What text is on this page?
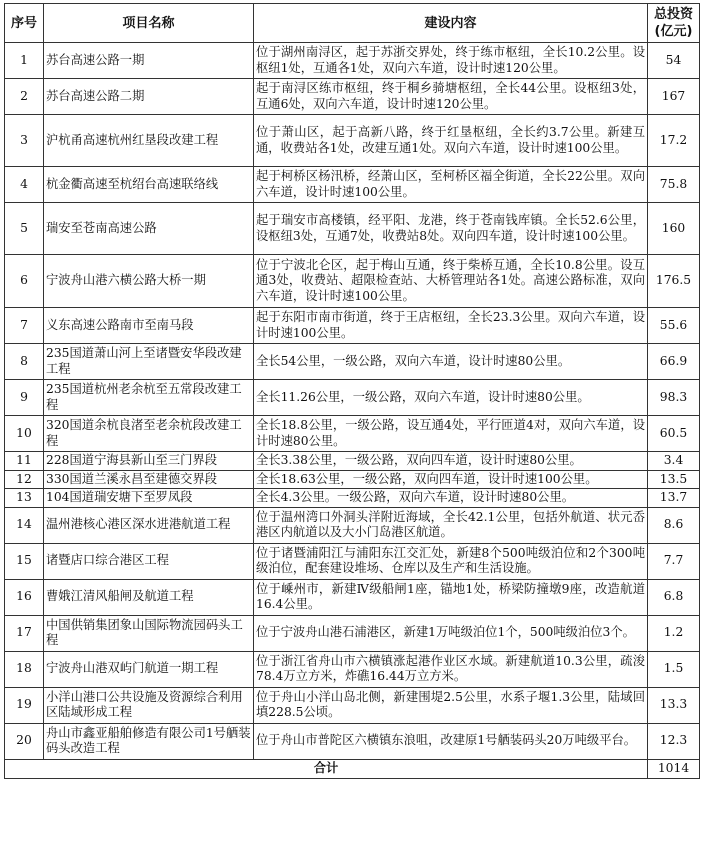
序号	项目名称	建设内容	总投资
(亿元)
1	苏台高速公路一期	位于湖州南浔区，起于苏浙交界处，终于练市枢纽，全长10.2公里。设枢纽1处，互通各1处，双向六车道，设计时速120公里。	54
2	苏台高速公路二期	起于南浔区练市枢纽，终于桐乡骑塘枢纽，全长44公里。设枢纽3处，互通6处，双向六车道，设计时速120公里。	167
3	沪杭甬高速杭州红垦段改建工程	位于萧山区，起于高新八路，终于红垦枢纽，全长约3.7公里。新建互通，收费站各1处，改建互通1处。双向六车道，设计时速100公里。	17.2
4	杭金衢高速至杭绍台高速联络线	起于柯桥区杨汛桥，经萧山区，至柯桥区福全街道，全长22公里。双向六车道，设计时速100公里。	75.8
5	瑞安至苍南高速公路	起于瑞安市高楼镇，经平阳、龙港，终于苍南钱库镇。全长52.6公里，设枢纽3处，互通7处，收费站8处。双向四车道，设计时速100公里。	160
6	宁波舟山港六横公路大桥一期	位于宁波北仑区，起于梅山互通，终于柴桥互通，全长10.8公里。设互通3处，收费站、超限检查站、大桥管理站各1处。高速公路标准，双向六车道，设计时速100公里。	176.5
7	义东高速公路南市至南马段	起于东阳市南市街道，终于王店枢纽，全长23.3公里。双向六车道，设计时速100公里。	55.6
8	235国道萧山河上至诸暨安华段改建工程	全长54公里，一级公路，双向六车道，设计时速80公里。	66.9
9	235国道杭州老余杭至五常段改建工程	全长11.26公里，一级公路，双向六车道，设计时速80公里。	98.3
10	320国道余杭良渚至老余杭段改建工程	全长18.8公里，一级公路，设互通4处，平行匝道4对，双向六车道，设计时速80公里。	60.5
11	228国道宁海县新山至三门界段	全长3.38公里，一级公路，双向四车道，设计时速80公里。	3.4
12	330国道兰溪永昌至建德交界段	全长18.63公里，一级公路，双向四车道，设计时速100公里。	13.5
13	104国道瑞安塘下至罗凤段	全长4.3公里。一级公路，双向六车道，设计时速80公里。	13.7
14	温州港核心港区深水进港航道工程	位于温州湾口外洞头洋附近海域，全长42.1公里，包括外航道、状元岙港区内航道以及大小门岛港区航道。	8.6
15	诸暨店口综合港区工程	位于诸暨浦阳江与浦阳东江交汇处，新建8个500吨级泊位和2个300吨级泊位，配套建设堆场、仓库以及生产和生活设施。	7.7
16	曹娥江清风船闸及航道工程	位于嵊州市，新建Ⅳ级船闸1座，锚地1处，桥梁防撞墩9座，改造航道16.4公里。	6.8
17	中国供销集团象山国际物流园码头工程	位于宁波舟山港石浦港区，新建1万吨级泊位1个，500吨级泊位3个。	1.2
18	宁波舟山港双屿门航道一期工程	位于浙江省舟山市六横镇涨起港作业区水域。新建航道10.3公里，疏浚78.4万立方米，炸礁16.44万立方米。	1.5
19	小洋山港口公共设施及资源综合利用区陆域形成工程	位于舟山小洋山岛北侧，新建围堤2.5公里，水系子堰1.3公里，陆域回填228.5公顷。	13.3
20	舟山市鑫亚船舶修造有限公司1号舾装码头改造工程	位于舟山市普陀区六横镇东浪咀，改建原1号舾装码头20万吨级平台。	12.3
合计			1014
